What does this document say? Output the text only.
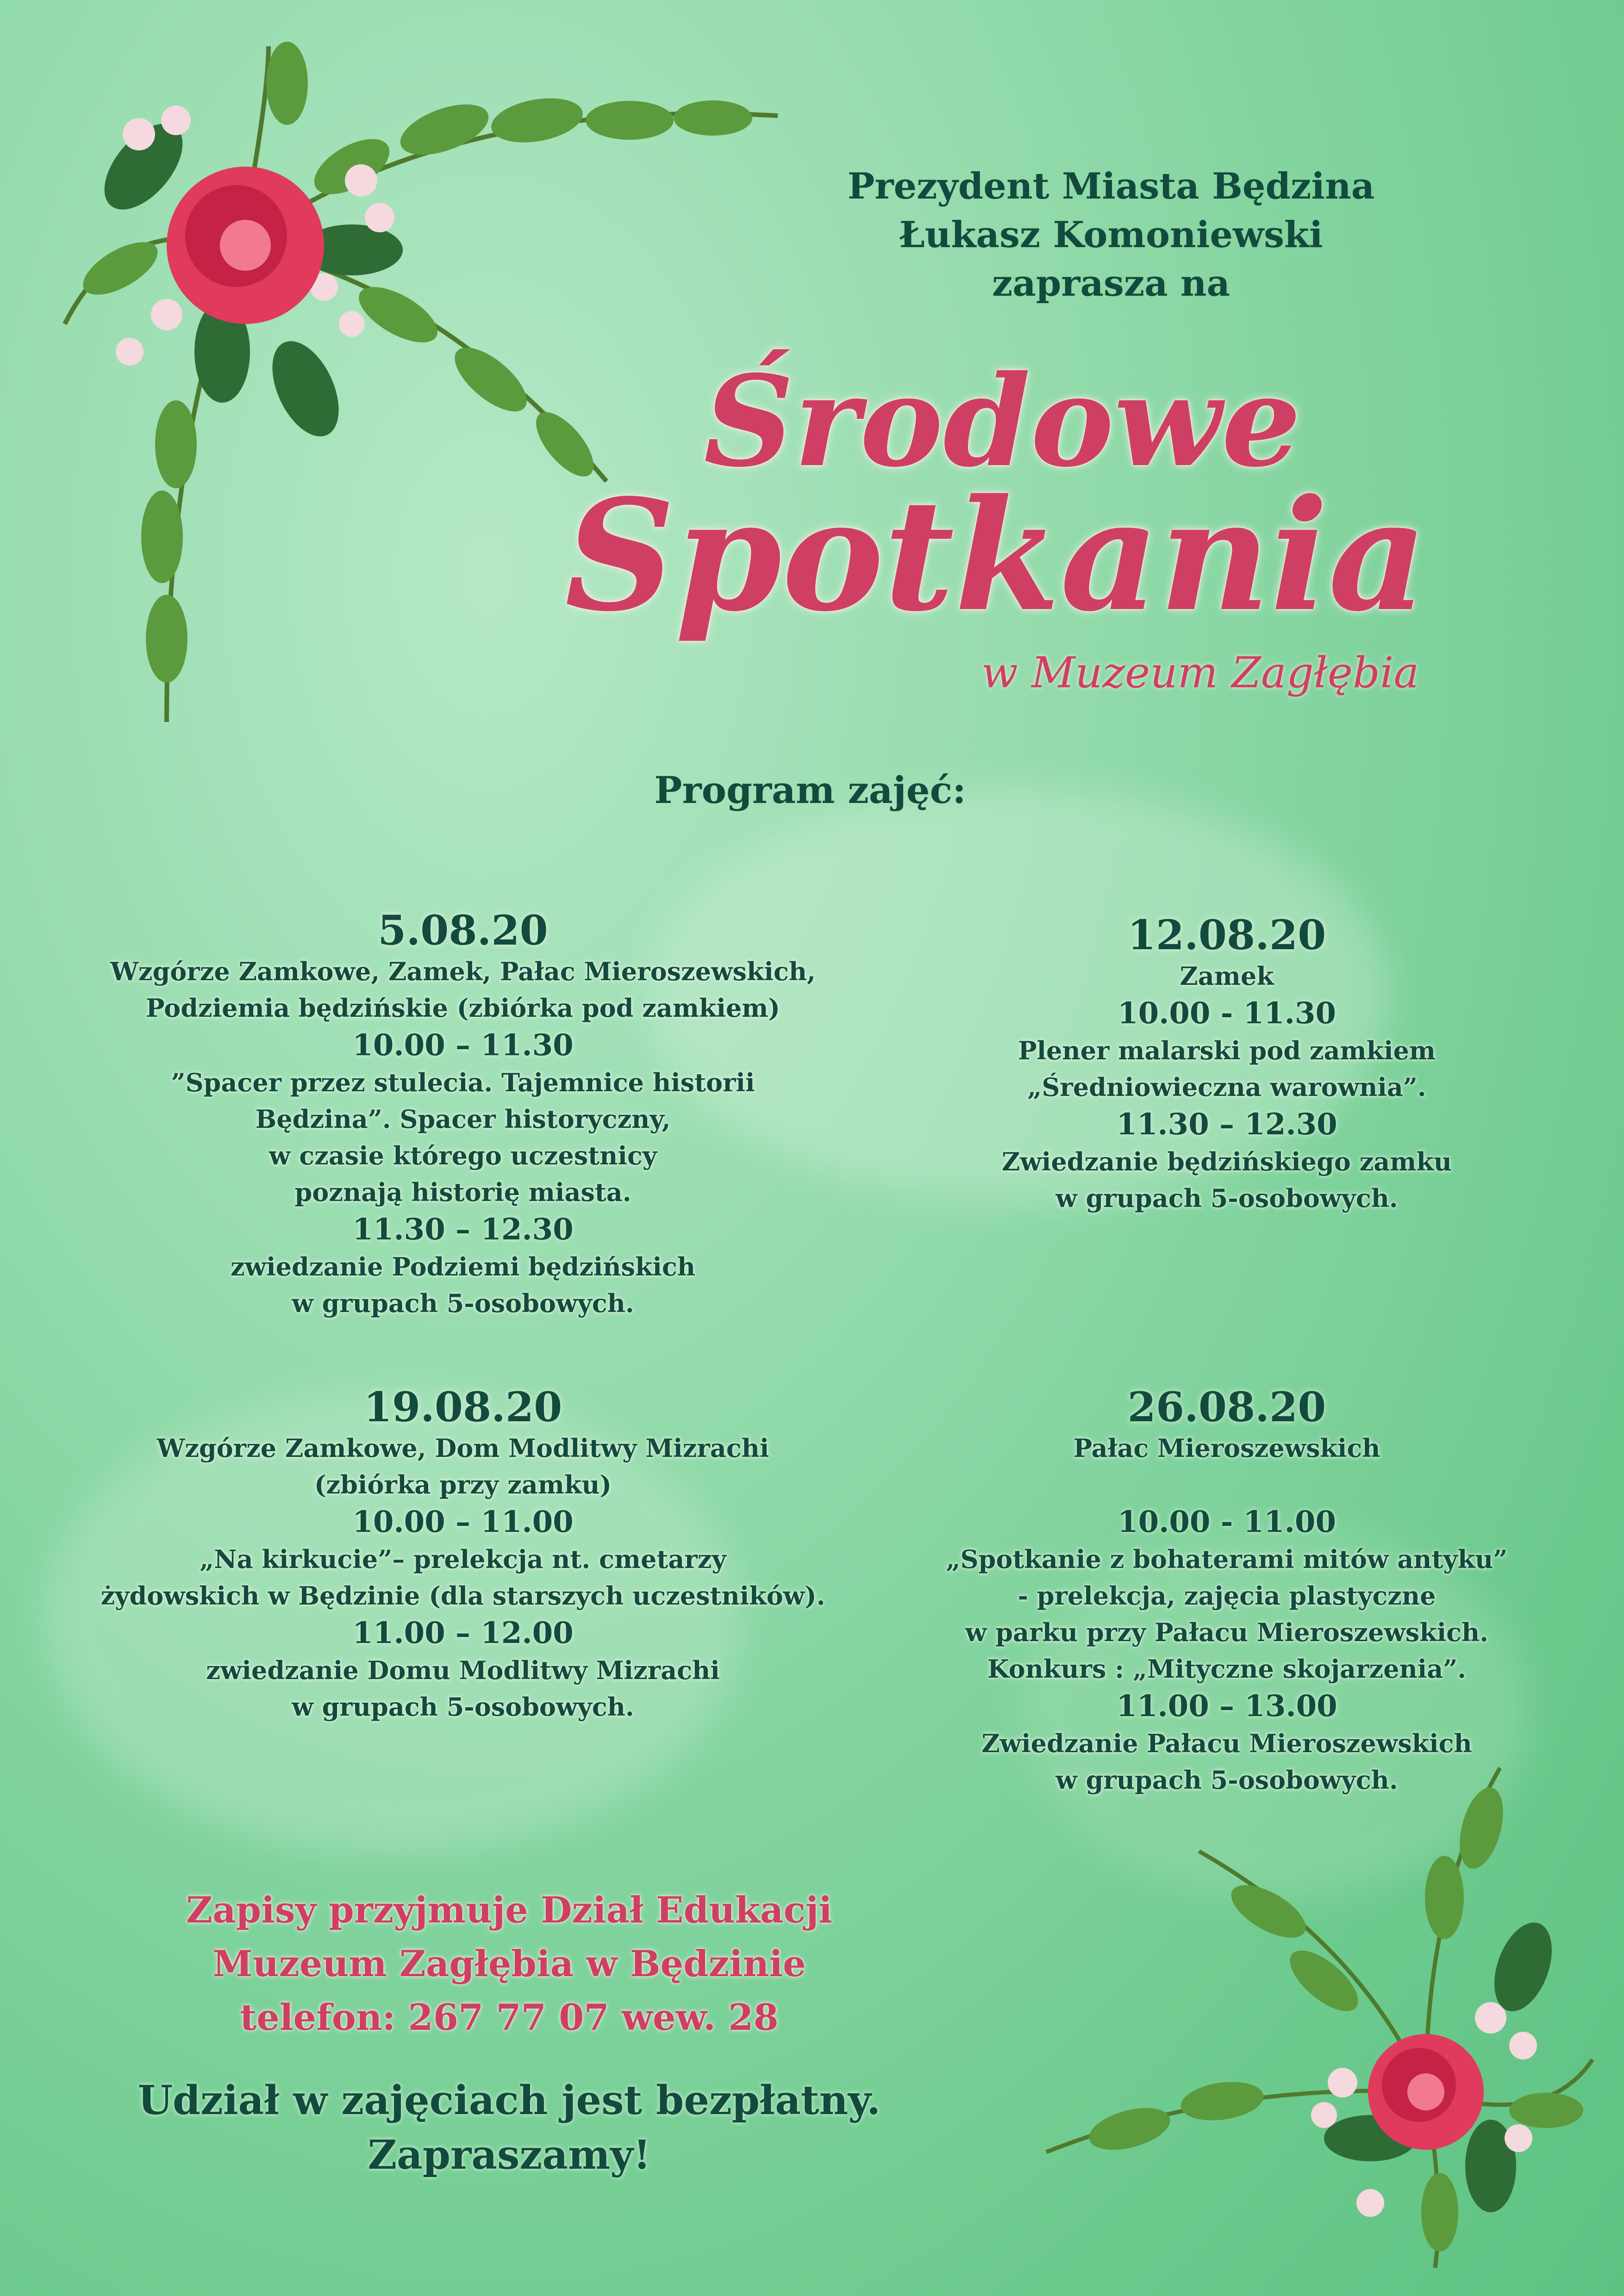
Prezydent Miasta Będzina
Łukasz Komoniewski
zaprasza na
Środowe
Spotkania
w Muzeum Zagłębia
Program zajęć:
5.08.20
Wzgórze Zamkowe, Zamek, Pałac Mieroszewskich,
Podziemia będzińskie (zbiórka pod zamkiem)
10.00 – 11.30
”Spacer przez stulecia. Tajemnice historii
Będzina”. Spacer historyczny,
w czasie którego uczestnicy
poznają historię miasta.
11.30 – 12.30
zwiedzanie Podziemi będzińskich
w grupach 5-osobowych.
12.08.20
Zamek
10.00 - 11.30
Plener malarski pod zamkiem
„Średniowieczna warownia”.
11.30 – 12.30
Zwiedzanie będzińskiego zamku
w grupach 5-osobowych.
19.08.20
Wzgórze Zamkowe, Dom Modlitwy Mizrachi
(zbiórka przy zamku)
10.00 – 11.00
„Na kirkucie”– prelekcja nt. cmetarzy
żydowskich w Będzinie (dla starszych uczestników).
11.00 – 12.00
zwiedzanie Domu Modlitwy Mizrachi
w grupach 5-osobowych.
26.08.20
Pałac Mieroszewskich
10.00 - 11.00
„Spotkanie z bohaterami mitów antyku”
- prelekcja, zajęcia plastyczne
w parku przy Pałacu Mieroszewskich.
Konkurs : „Mityczne skojarzenia”.
11.00 – 13.00
Zwiedzanie Pałacu Mieroszewskich
w grupach 5-osobowych.
Zapisy przyjmuje Dział Edukacji
Muzeum Zagłębia w Będzinie
telefon: 267 77 07 wew. 28
Udział w zajęciach jest bezpłatny.
Zapraszamy!
